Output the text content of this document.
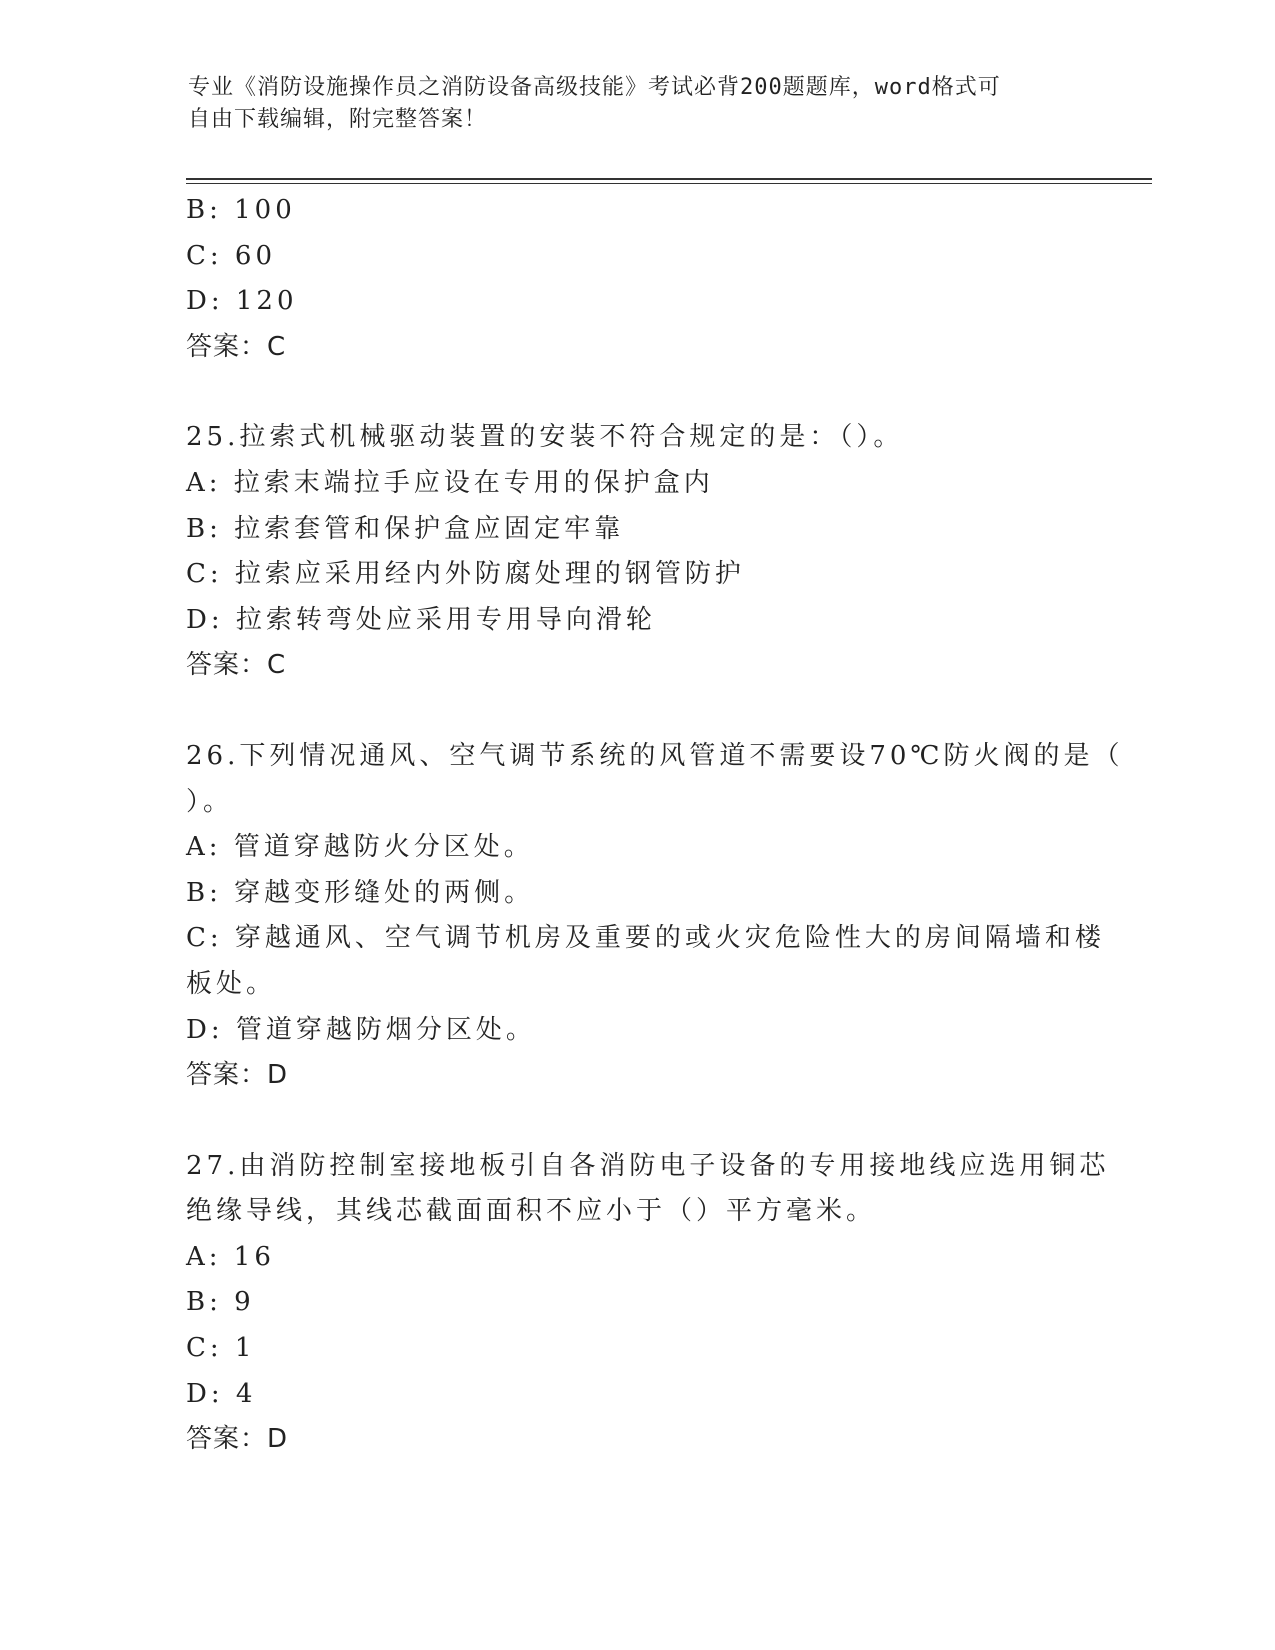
专业《消防设施操作员之消防设备高级技能》考试必背200题题库，word格式可
自由下载编辑，附完整答案！
B: 100
C: 60
D: 120
答案：C
25.拉索式机械驱动装置的安装不符合规定的是：（）。
A: 拉索末端拉手应设在专用的保护盒内
B: 拉索套管和保护盒应固定牢靠
C: 拉索应采用经内外防腐处理的钢管防护
D: 拉索转弯处应采用专用导向滑轮
答案：C
26.下列情况通风、空气调节系统的风管道不需要设70℃防火阀的是（
）。
A: 管道穿越防火分区处。
B: 穿越变形缝处的两侧。
C: 穿越通风、空气调节机房及重要的或火灾危险性大的房间隔墙和楼
板处。
D: 管道穿越防烟分区处。
答案：D
27.由消防控制室接地板引自各消防电子设备的专用接地线应选用铜芯
绝缘导线，其线芯截面面积不应小于（）平方毫米。
A: 16
B: 9
C: 1
D: 4
答案：D
